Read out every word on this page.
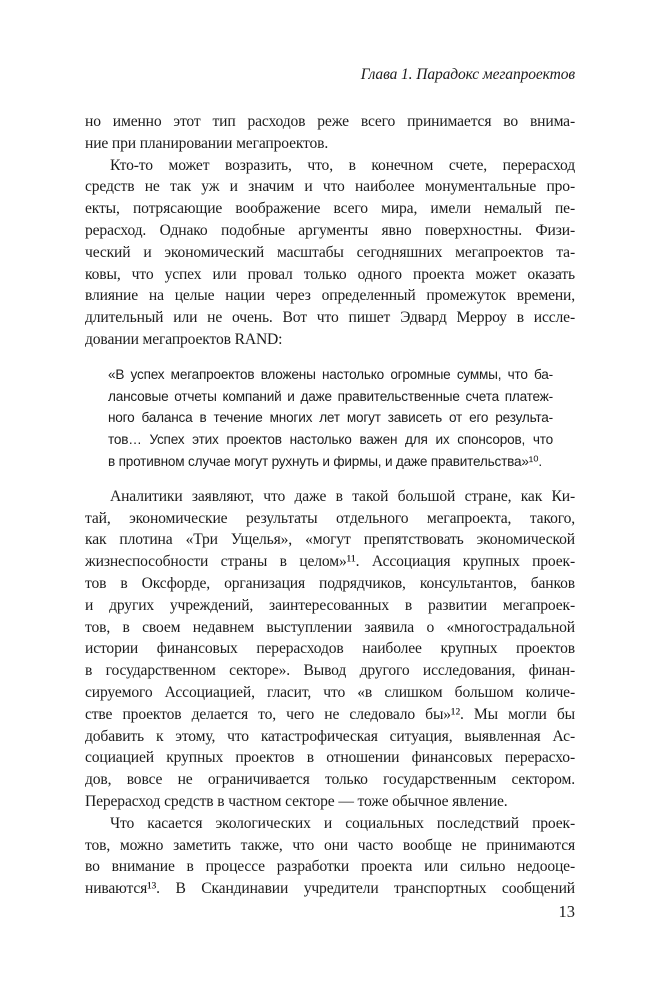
Глава 1. Парадокс мегапроектов
но именно этот тип расходов реже всего принимается во внима-
ние при планировании мегапроектов.
Кто-то может возразить, что, в конечном счете, перерасход
средств не так уж и значим и что наиболее монументальные про-
екты, потрясающие воображение всего мира, имели немалый пе-
рерасход. Однако подобные аргументы явно поверхностны. Физи-
ческий и экономический масштабы сегодняшних мегапроектов та-
ковы, что успех или провал только одного проекта может оказать
влияние на целые нации через определенный промежуток времени,
длительный или не очень. Вот что пишет Эдвард Мерроу в иссле-
довании мегапроектов RAND:
«В успех мегапроектов вложены настолько огромные суммы, что ба-
лансовые отчеты компаний и даже правительственные счета платеж-
ного баланса в течение многих лет могут зависеть от его результа-
тов… Успех этих проектов настолько важен для их спонсоров, что
в противном случае могут рухнуть и фирмы, и даже правительства»¹⁰.
Аналитики заявляют, что даже в такой большой стране, как Ки-
тай, экономические результаты отдельного мегапроекта, такого,
как плотина «Три Ущелья», «могут препятствовать экономической
жизнеспособности страны в целом»¹¹. Ассоциация крупных проек-
тов в Оксфорде, организация подрядчиков, консультантов, банков
и других учреждений, заинтересованных в развитии мегапроек-
тов, в своем недавнем выступлении заявила о «многострадальной
истории финансовых перерасходов наиболее крупных проектов
в государственном секторе». Вывод другого исследования, финан-
сируемого Ассоциацией, гласит, что «в слишком большом количе-
стве проектов делается то, чего не следовало бы»¹². Мы могли бы
добавить к этому, что катастрофическая ситуация, выявленная Ас-
социацией крупных проектов в отношении финансовых перерасхо-
дов, вовсе не ограничивается только государственным сектором.
Перерасход средств в частном секторе — тоже обычное явление.
Что касается экологических и социальных последствий проек-
тов, можно заметить также, что они часто вообще не принимаются
во внимание в процессе разработки проекта или сильно недооце-
ниваются¹³. В Скандинавии учредители транспортных сообщений
13
